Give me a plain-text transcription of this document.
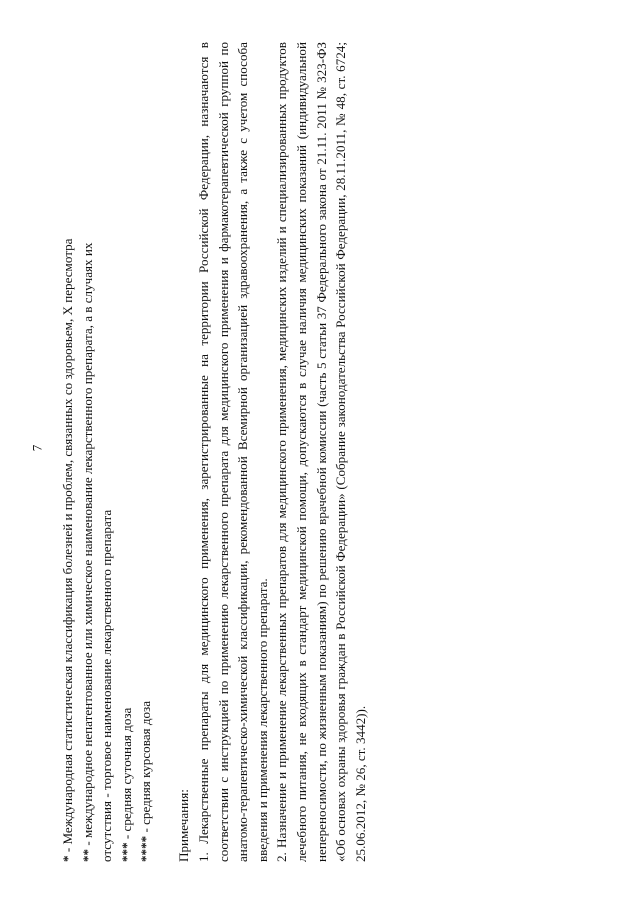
7
* - Международная статистическая классификация болезней и проблем, связанных со здоровьем, X пересмотра ** - международное непатентованное или химическое наименование лекарственного препарата, а в случаях их отсутствия - торговое наименование лекарственного препарата *** - средняя суточная доза
**** - средняя курсовая доза Примечания: 1. Лекарственные препараты для медицинского применения, зарегистрированные на территории Российской Федерации, назначаются в соответствии с инструкцией по применению лекарственного препарата для медицинского применения и фармакотерапевтической группой по анатомо-терапевтическо-химической классификации, рекомендованной Всемирной организацией здравоохранения, а также с учетом способа введения и применения лекарственного препарата. 2. Назначение и применение лекарственных препаратов для медицинского применения, медицинских изделий и специализированных продуктов лечебного питания, не входящих в стандарт медицинской помощи, допускаются в случае наличия медицинских показаний (индивидуальной непереносимости, по жизненным показаниям) по решению врачебной комиссии (часть 5 статьи 37 Федерального закона от 21.11. 2011 № 323-ФЗ «Об основах охраны здоровья граждан в Российской Федерации» (Собрание законодательства Российской Федерации, 28.11.2011, № 48, ст. 6724; 25.06.2012, № 26, ст. 3442)).
